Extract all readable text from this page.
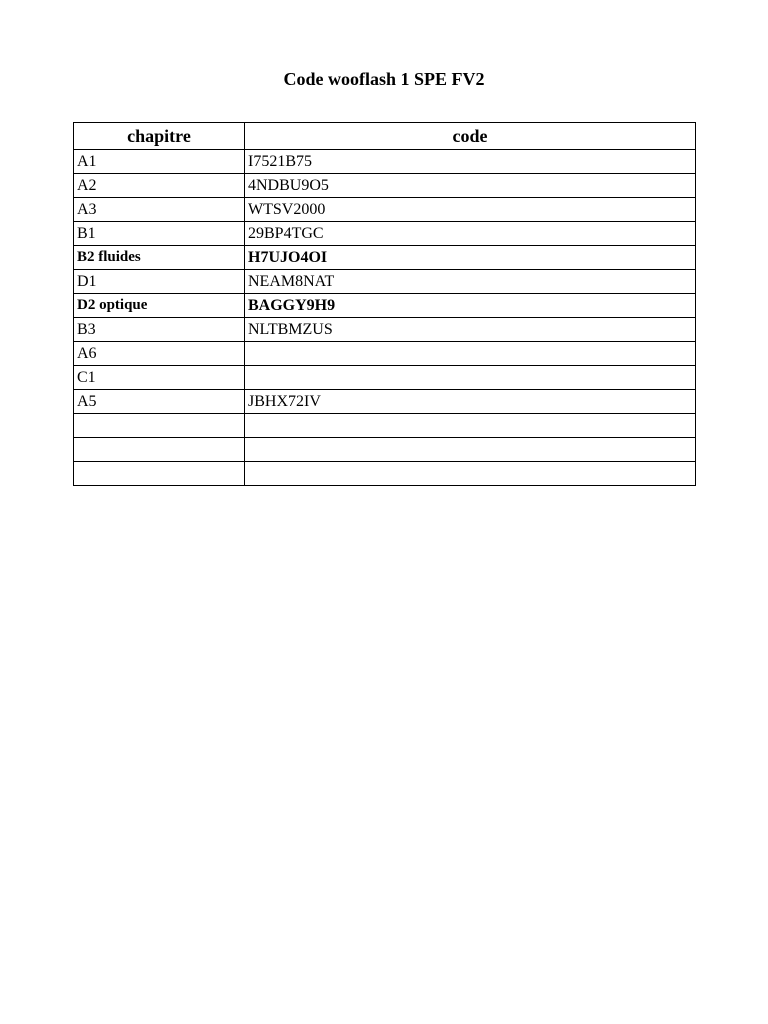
Code wooflash 1 SPE FV2
chapitre	code
A1	I7521B75
A2	4NDBU9O5
A3	WTSV2000
B1	29BP4TGC
B2 fluides	H7UJO4OI
D1	NEAM8NAT
D2 optique	BAGGY9H9
B3	NLTBMZUS
A6	
C1	
A5	JBHX72IV
